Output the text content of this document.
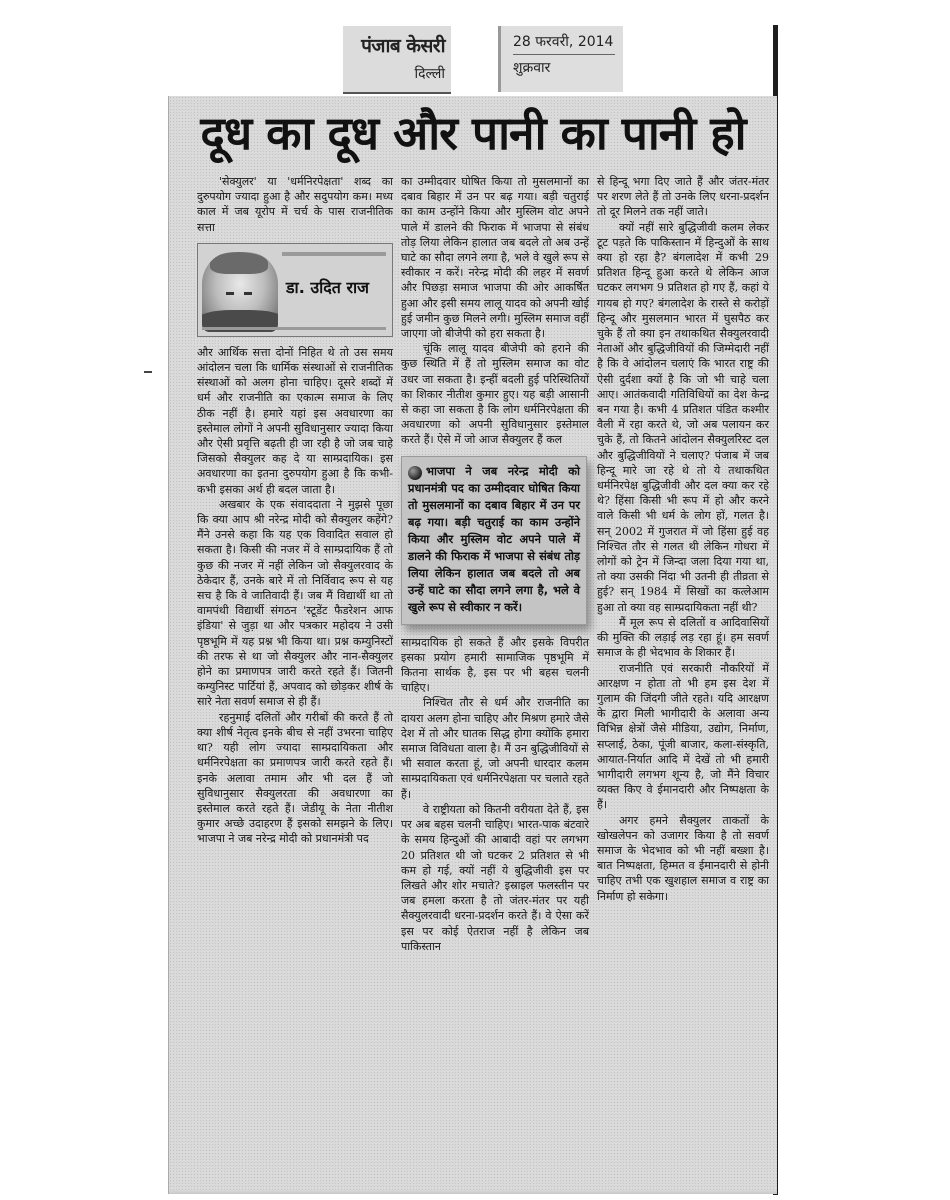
पंजाब केसरी
दिल्ली
28 फरवरी, 2014
शुक्रवार
दूध का दूध और पानी का पानी हो

'सेक्युलर' या 'धर्मनिरपेक्षता' शब्द का दुरुपयोग ज्यादा हुआ है और सदुपयोग कम। मध्य काल में जब यूरोप में चर्च के पास राजनीतिक सत्ता

डा. उदित राज

और आर्थिक सत्ता दोनों निहित थे तो उस समय आंदोलन चला कि धार्मिक संस्थाओं से राजनीतिक संस्थाओं को अलग होना चाहिए। दूसरे शब्दों में धर्म और राजनीति का एकात्म समाज के लिए ठीक नहीं है। हमारे यहां इस अवधारणा का इस्तेमाल लोगों ने अपनी सुविधानुसार ज्यादा किया और ऐसी प्रवृत्ति बढ़ती ही जा रही है जो जब चाहे जिसको सैक्युलर कह दे या साम्प्रदायिक। इस अवधारणा का इतना दुरुपयोग हुआ है कि कभी-कभी इसका अर्थ ही बदल जाता है।

अखबार के एक संवाददाता ने मुझसे पूछा कि क्या आप श्री नरेन्द्र मोदी को सैक्युलर कहेंगे? मैंने उनसे कहा कि यह एक विवादित सवाल हो सकता है। किसी की नजर में वे साम्प्रदायिक हैं तो कुछ की नजर में नहीं लेकिन जो सैक्युलरवाद के ठेकेदार हैं, उनके बारे में तो निर्विवाद रूप से यह सच है कि वे जातिवादी हैं। जब मैं विद्यार्थी था तो वामपंथी विद्यार्थी संगठन 'स्टूडेंट फैडरेशन आफ इंडिया' से जुड़ा था और पत्रकार महोदय ने उसी पृष्ठभूमि में यह प्रश्न भी किया था। प्रश्न कम्युनिस्टों की तरफ से था जो सैक्युलर और नान-सैक्युलर होने का प्रमाणपत्र जारी करते रहते हैं। जितनी कम्युनिस्ट पार्टियां हैं, अपवाद को छोड़कर शीर्ष के सारे नेता सवर्ण समाज से ही हैं।

रहनुमाई दलितों और गरीबों की करते हैं तो क्या शीर्ष नेतृत्व इनके बीच से नहीं उभरना चाहिए था? यही लोग ज्यादा साम्प्रदायिकता और धर्मनिरपेक्षता का प्रमाणपत्र जारी करते रहते हैं। इनके अलावा तमाम और भी दल हैं जो सुविधानुसार सैक्युलरता की अवधारणा का इस्तेमाल करते रहते हैं। जेडीयू के नेता नीतीश कुमार अच्छे उदाहरण हैं इसको समझने के लिए। भाजपा ने जब नरेन्द्र मोदी को प्रधानमंत्री पद

का उम्मीदवार घोषित किया तो मुसलमानों का दबाव बिहार में उन पर बढ़ गया। बड़ी चतुराई का काम उन्होंने किया और मुस्लिम वोट अपने पाले में डालने की फिराक में भाजपा से संबंध तोड़ लिया लेकिन हालात जब बदले तो अब उन्हें घाटे का सौदा लगने लगा है, भले वे खुले रूप से स्वीकार न करें। नरेन्द्र मोदी की लहर में सवर्ण और पिछड़ा समाज भाजपा की ओर आकर्षित हुआ और इसी समय लालू यादव को अपनी खोई हुई जमीन कुछ मिलने लगी। मुस्लिम समाज वहीं जाएगा जो बीजेपी को हरा सकता है।

चूंकि लालू यादव बीजेपी को हराने की कुछ स्थिति में हैं तो मुस्लिम समाज का वोट उधर जा सकता है। इन्हीं बदली हुई परिस्थितियों का शिकार नीतीश कुमार हुए। यह बड़ी आसानी से कहा जा सकता है कि लोग धर्मनिरपेक्षता की अवधारणा को अपनी सुविधानुसार इस्तेमाल करते हैं। ऐसे में जो आज सैक्युलर हैं कल

भाजपा ने जब नरेन्द्र मोदी को प्रधानमंत्री पद का उम्मीदवार घोषित किया तो मुसलमानों का दबाव बिहार में उन पर बढ़ गया। बड़ी चतुराई का काम उन्होंने किया और मुस्लिम वोट अपने पाले में डालने की फिराक में भाजपा से संबंध तोड़ लिया लेकिन हालात जब बदले तो अब उन्हें घाटे का सौदा लगने लगा है, भले वे खुले रूप से स्वीकार न करें।

साम्प्रदायिक हो सकते हैं और इसके विपरीत इसका प्रयोग हमारी सामाजिक पृष्ठभूमि में कितना सार्थक है, इस पर भी बहस चलनी चाहिए।

निश्चित तौर से धर्म और राजनीति का दायरा अलग होना चाहिए और मिश्रण हमारे जैसे देश में तो और घातक सिद्ध होगा क्योंकि हमारा समाज विविधता वाला है। मैं उन बुद्धिजीवियों से भी सवाल करता हूं, जो अपनी धारदार कलम साम्प्रदायिकता एवं धर्मनिरपेक्षता पर चलाते रहते हैं।

वे राष्ट्रीयता को कितनी वरीयता देते हैं, इस पर अब बहस चलनी चाहिए। भारत-पाक बंटवारे के समय हिन्दुओं की आबादी वहां पर लगभग 20 प्रतिशत थी जो घटकर 2 प्रतिशत से भी कम हो गई, क्यों नहीं ये बुद्धिजीवी इस पर लिखते और शोर मचाते? इस्राइल फलस्तीन पर जब हमला करता है तो जंतर-मंतर पर यही सैक्युलरवादी धरना-प्रदर्शन करते हैं। वे ऐसा करें इस पर कोई ऐतराज नहीं है लेकिन जब पाकिस्तान

से हिन्दू भगा दिए जाते हैं और जंतर-मंतर पर शरण लेते हैं तो उनके लिए धरना-प्रदर्शन तो दूर मिलने तक नहीं जाते।

क्यों नहीं सारे बुद्धिजीवी कलम लेकर टूट पड़ते कि पाकिस्तान में हिन्दुओं के साथ क्या हो रहा है? बंगलादेश में कभी 29 प्रतिशत हिन्दू हुआ करते थे लेकिन आज घटकर लगभग 9 प्रतिशत हो गए हैं, कहां ये गायब हो गए? बंगलादेश के रास्ते से करोड़ों हिन्दू और मुसलमान भारत में घुसपैठ कर चुके हैं तो क्या इन तथाकथित सैक्युलरवादी नेताओं और बुद्धिजीवियों की जिम्मेदारी नहीं है कि वे आंदोलन चलाएं कि भारत राष्ट्र की ऐसी दुर्दशा क्यों है कि जो भी चाहे चला आए। आतंकवादी गतिविधियों का देश केन्द्र बन गया है। कभी 4 प्रतिशत पंडित कश्मीर वैली में रहा करते थे, जो अब पलायन कर चुके हैं, तो कितने आंदोलन सैक्युलरिस्ट दल और बुद्धिजीवियों ने चलाए? पंजाब में जब हिन्दू मारे जा रहे थे तो ये तथाकथित धर्मनिरपेक्ष बुद्धिजीवी और दल क्या कर रहे थे? हिंसा किसी भी रूप में हो और करने वाले किसी भी धर्म के लोग हों, गलत है। सन् 2002 में गुजरात में जो हिंसा हुई वह निश्चित तौर से गलत थी लेकिन गोधरा में लोगों को ट्रेन में जिन्दा जला दिया गया था, तो क्या उसकी निंदा भी उतनी ही तीव्रता से हुई? सन् 1984 में सिखों का कत्लेआम हुआ तो क्या वह साम्प्रदायिकता नहीं थी?

मैं मूल रूप से दलितों व आदिवासियों की मुक्ति की लड़ाई लड़ रहा हूं। हम सवर्ण समाज के ही भेदभाव के शिकार हैं।

राजनीति एवं सरकारी नौकरियों में आरक्षण न होता तो भी हम इस देश में गुलाम की जिंदगी जीते रहते। यदि आरक्षण के द्वारा मिली भागीदारी के अलावा अन्य विभिन्न क्षेत्रों जैसे मीडिया, उद्योग, निर्माण, सप्लाई, ठेका, पूंजी बाजार, कला-संस्कृति, आयात-निर्यात आदि में देखें तो भी हमारी भागीदारी लगभग शून्य है, जो मैंने विचार व्यक्त किए वे ईमानदारी और निष्पक्षता के हैं।

अगर हमने सैक्युलर ताकतों के खोखलेपन को उजागर किया है तो सवर्ण समाज के भेदभाव को भी नहीं बख्शा है। बात निष्पक्षता, हिम्मत व ईमानदारी से होनी चाहिए तभी एक खुशहाल समाज व राष्ट्र का निर्माण हो सकेगा।
